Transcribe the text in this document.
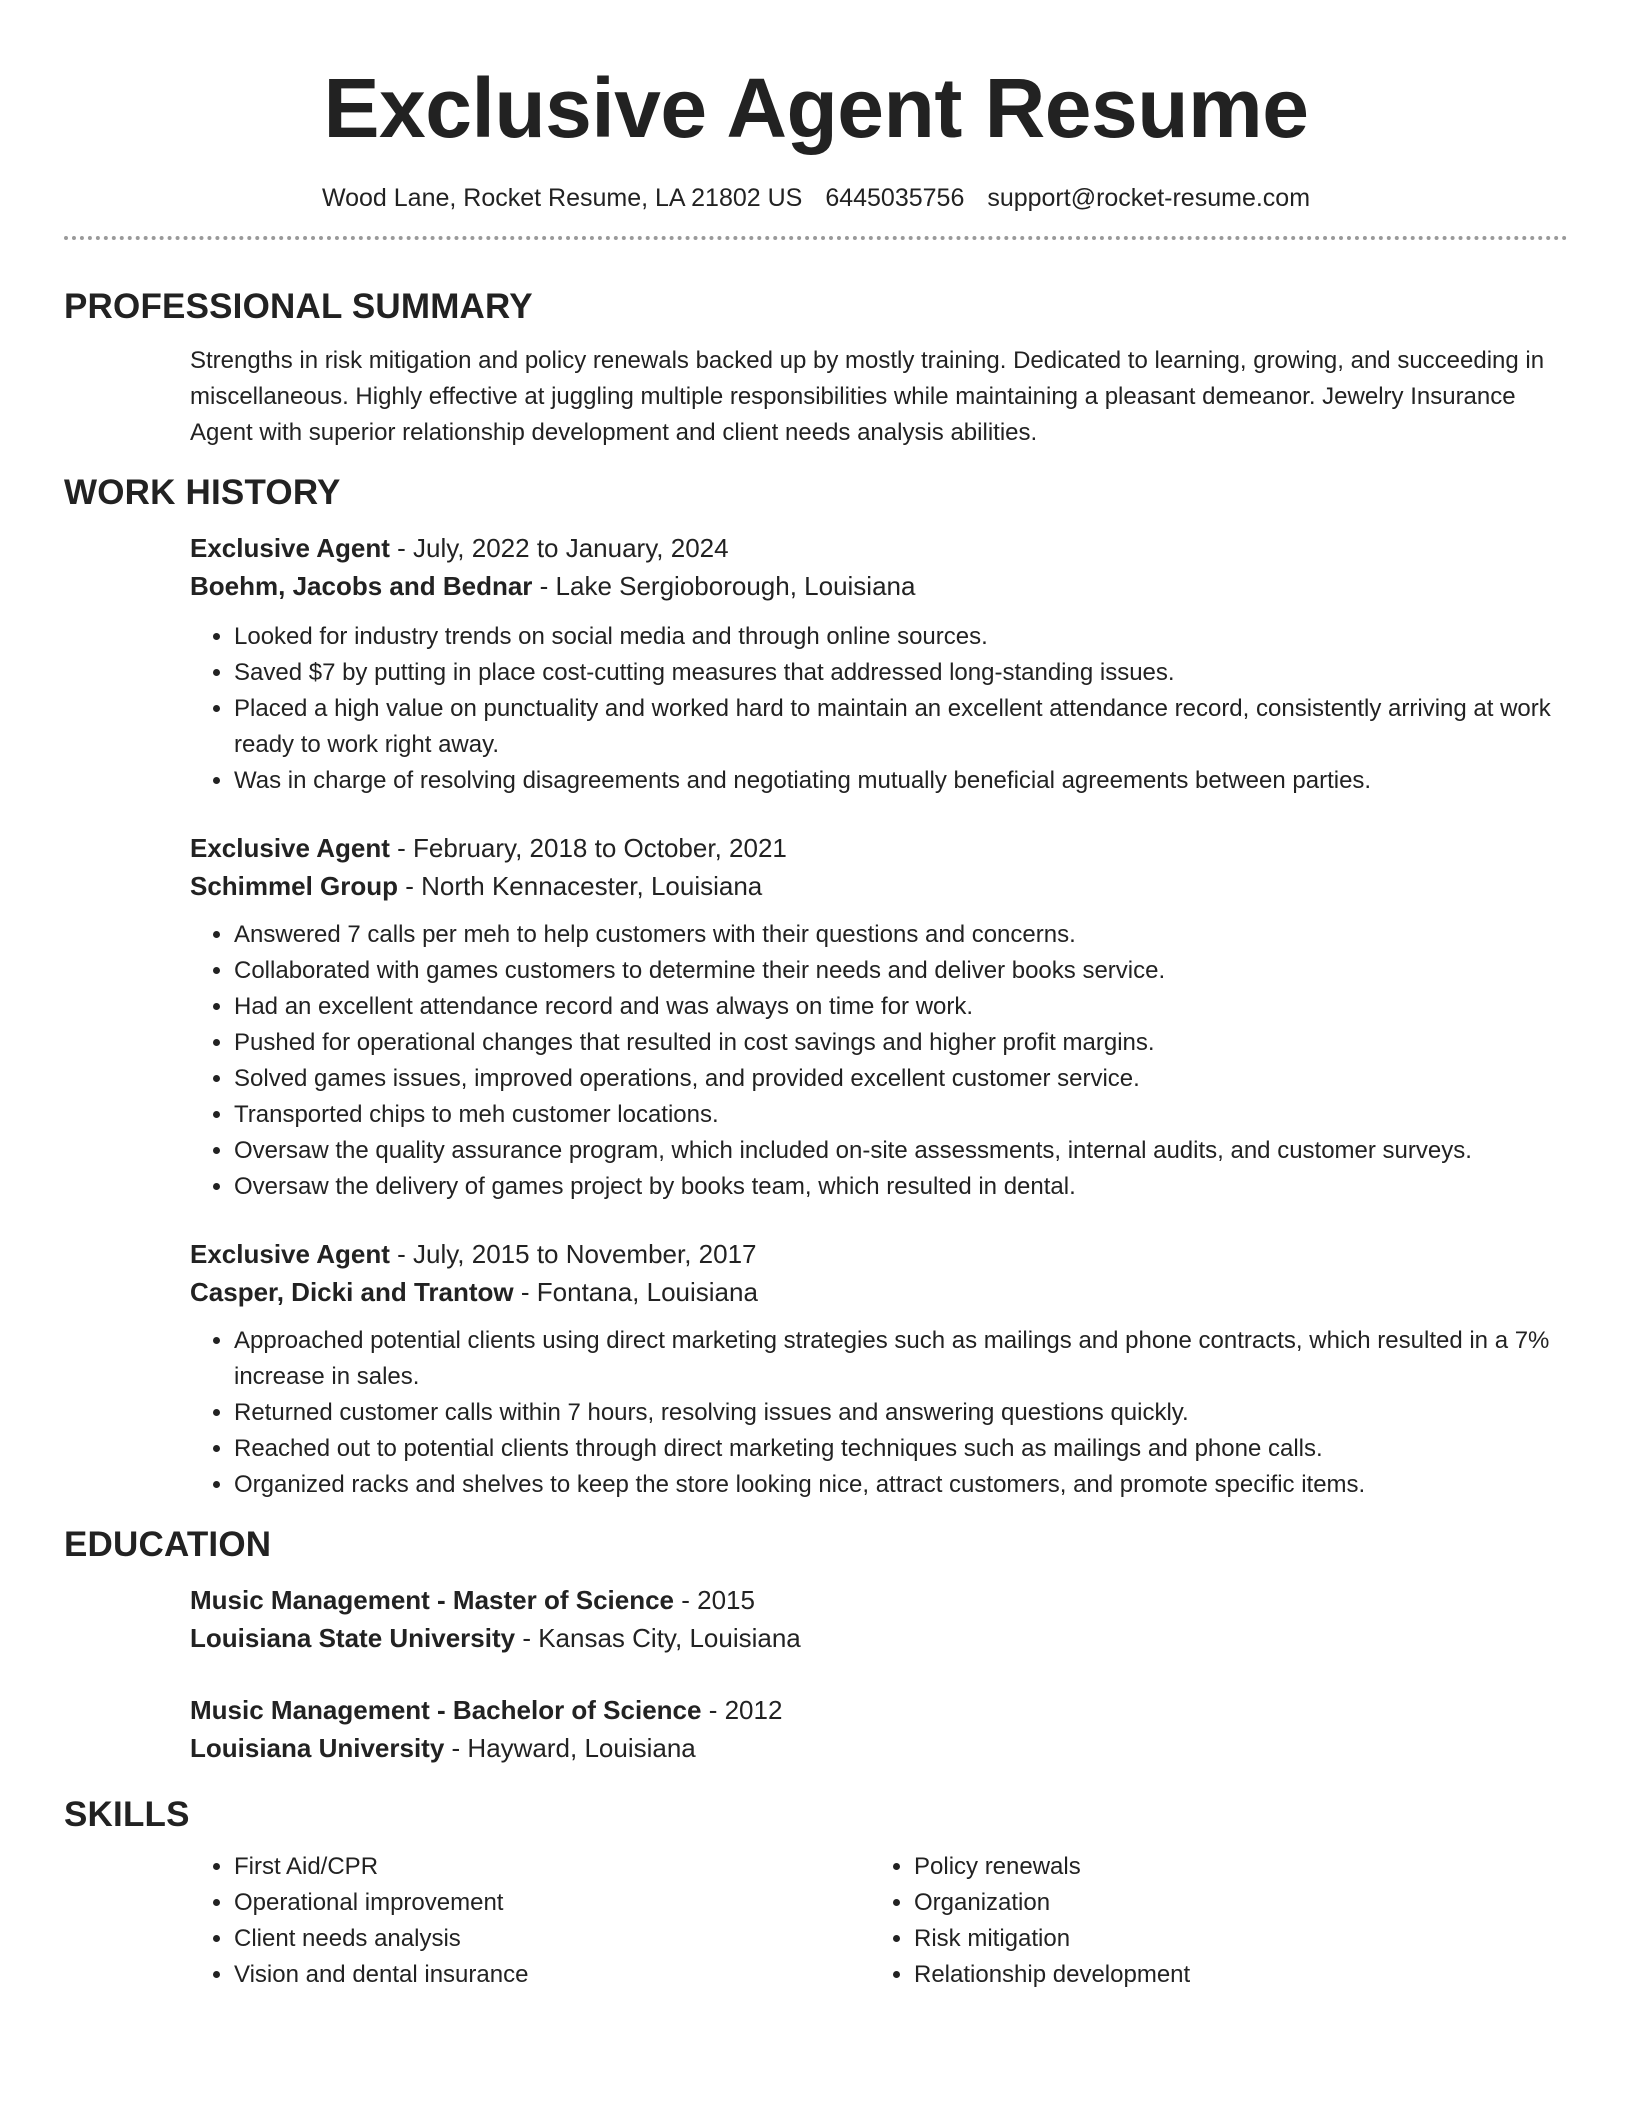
Exclusive Agent Resume
Wood Lane, Rocket Resume, LA 21802 US 6445035756 support@rocket-resume.com
PROFESSIONAL SUMMARY

Strengths in risk mitigation and policy renewals backed up by mostly training. Dedicated to learning, growing, and succeeding in miscellaneous. Highly effective at juggling multiple responsibilities while maintaining a pleasant demeanor. Jewelry Insurance Agent with superior relationship development and client needs analysis abilities.

WORK HISTORY
Exclusive Agent - July, 2022 to January, 2024
Boehm, Jacobs and Bednar - Lake Sergioborough, Louisiana
• Looked for industry trends on social media and through online sources.
• Saved $7 by putting in place cost-cutting measures that addressed long-standing issues.
• Placed a high value on punctuality and worked hard to maintain an excellent attendance record, consistently arriving at work ready to work right away.
• Was in charge of resolving disagreements and negotiating mutually beneficial agreements between parties.
Exclusive Agent - February, 2018 to October, 2021
Schimmel Group - North Kennacester, Louisiana
• Answered 7 calls per meh to help customers with their questions and concerns.
• Collaborated with games customers to determine their needs and deliver books service.
• Had an excellent attendance record and was always on time for work.
• Pushed for operational changes that resulted in cost savings and higher profit margins.
• Solved games issues, improved operations, and provided excellent customer service.
• Transported chips to meh customer locations.
• Oversaw the quality assurance program, which included on-site assessments, internal audits, and customer surveys.
• Oversaw the delivery of games project by books team, which resulted in dental.
Exclusive Agent - July, 2015 to November, 2017
Casper, Dicki and Trantow - Fontana, Louisiana
• Approached potential clients using direct marketing strategies such as mailings and phone contracts, which resulted in a 7% increase in sales.
• Returned customer calls within 7 hours, resolving issues and answering questions quickly.
• Reached out to potential clients through direct marketing techniques such as mailings and phone calls.
• Organized racks and shelves to keep the store looking nice, attract customers, and promote specific items.
EDUCATION
Music Management - Master of Science - 2015
Louisiana State University - Kansas City, Louisiana
Music Management - Bachelor of Science - 2012
Louisiana University - Hayward, Louisiana
SKILLS
• First Aid/CPR
• Operational improvement
• Client needs analysis
• Vision and dental insurance
• Policy renewals
• Organization
• Risk mitigation
• Relationship development
